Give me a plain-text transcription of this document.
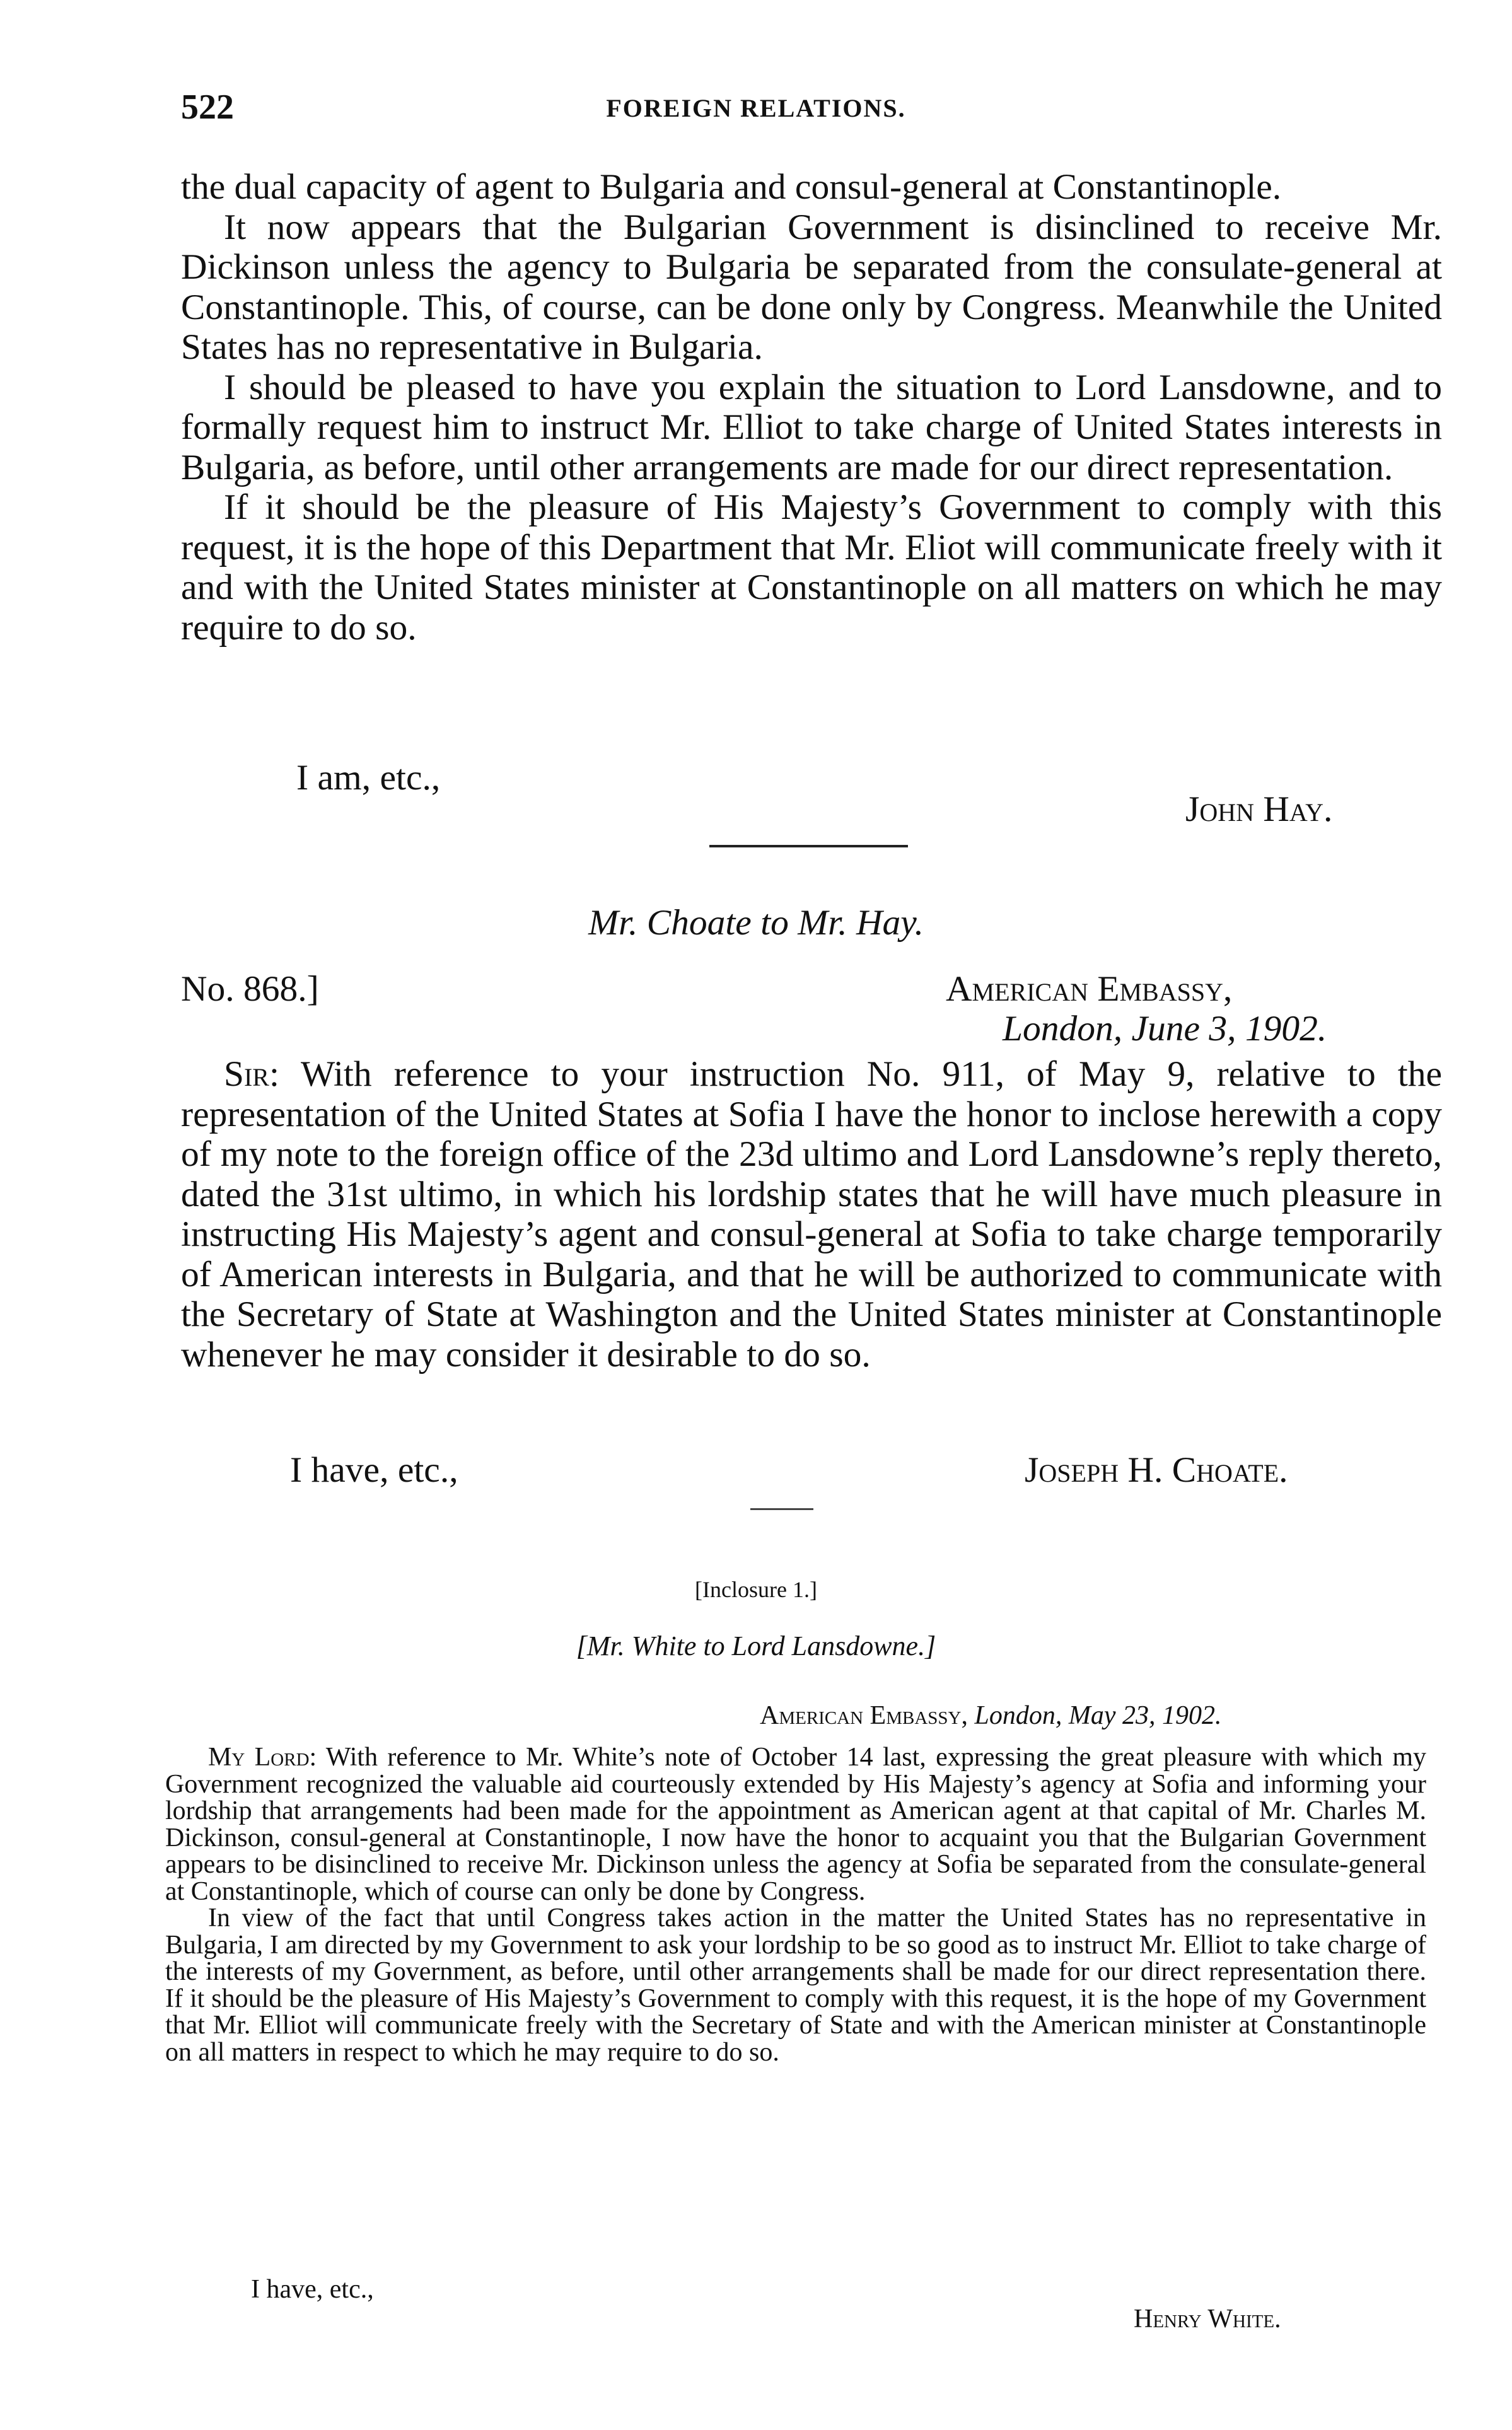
522	FOREIGN RELATIONS.

the dual capacity of agent to Bulgaria and consul-general at Constantinople.

It now appears that the Bulgarian Government is disinclined to receive Mr. Dickinson unless the agency to Bulgaria be separated from the consulate-general at Constantinople. This, of course, can be done only by Congress. Meanwhile the United States has no representative in Bulgaria.

I should be pleased to have you explain the situation to Lord Lansdowne, and to formally request him to instruct Mr. Elliot to take charge of United States interests in Bulgaria, as before, until other arrangements are made for our direct representation.

If it should be the pleasure of His Majesty’s Government to comply with this request, it is the hope of this Department that Mr. Eliot will communicate freely with it and with the United States minister at Constantinople on all matters on which he may require to do so.

I am, etc.,
John Hay.
Mr. Choate to Mr. Hay.
No. 868.]	American Embassy,
London, June 3, 1902.

Sir: With reference to your instruction No. 911, of May 9, relative to the representation of the United States at Sofia I have the honor to inclose herewith a copy of my note to the foreign office of the 23d ultimo and Lord Lansdowne’s reply thereto, dated the 31st ultimo, in which his lordship states that he will have much pleasure in instructing His Majesty’s agent and consul-general at Sofia to take charge temporarily of American interests in Bulgaria, and that he will be authorized to communicate with the Secretary of State at Washington and the United States minister at Constantinople whenever he may consider it desirable to do so.

I have, etc.,	Joseph H. Choate.
[Inclosure 1.]
[Mr. White to Lord Lansdowne.]
American Embassy, London, May 23, 1902.

My Lord: With reference to Mr. White’s note of October 14 last, expressing the great pleasure with which my Government recognized the valuable aid courteously extended by His Majesty’s agency at Sofia and informing your lordship that arrangements had been made for the appointment as American agent at that capital of Mr. Charles M. Dickinson, consul-general at Constantinople, I now have the honor to acquaint you that the Bulgarian Government appears to be disinclined to receive Mr. Dickinson unless the agency at Sofia be separated from the consulate-general at Constantinople, which of course can only be done by Congress.

In view of the fact that until Congress takes action in the matter the United States has no representative in Bulgaria, I am directed by my Government to ask your lordship to be so good as to instruct Mr. Elliot to take charge of the interests of my Government, as before, until other arrangements shall be made for our direct representation there. If it should be the pleasure of His Majesty’s Government to comply with this request, it is the hope of my Government that Mr. Elliot will communicate freely with the Secretary of State and with the American minister at Constantinople on all matters in respect to which he may require to do so.

I have, etc.,
Henry White.
